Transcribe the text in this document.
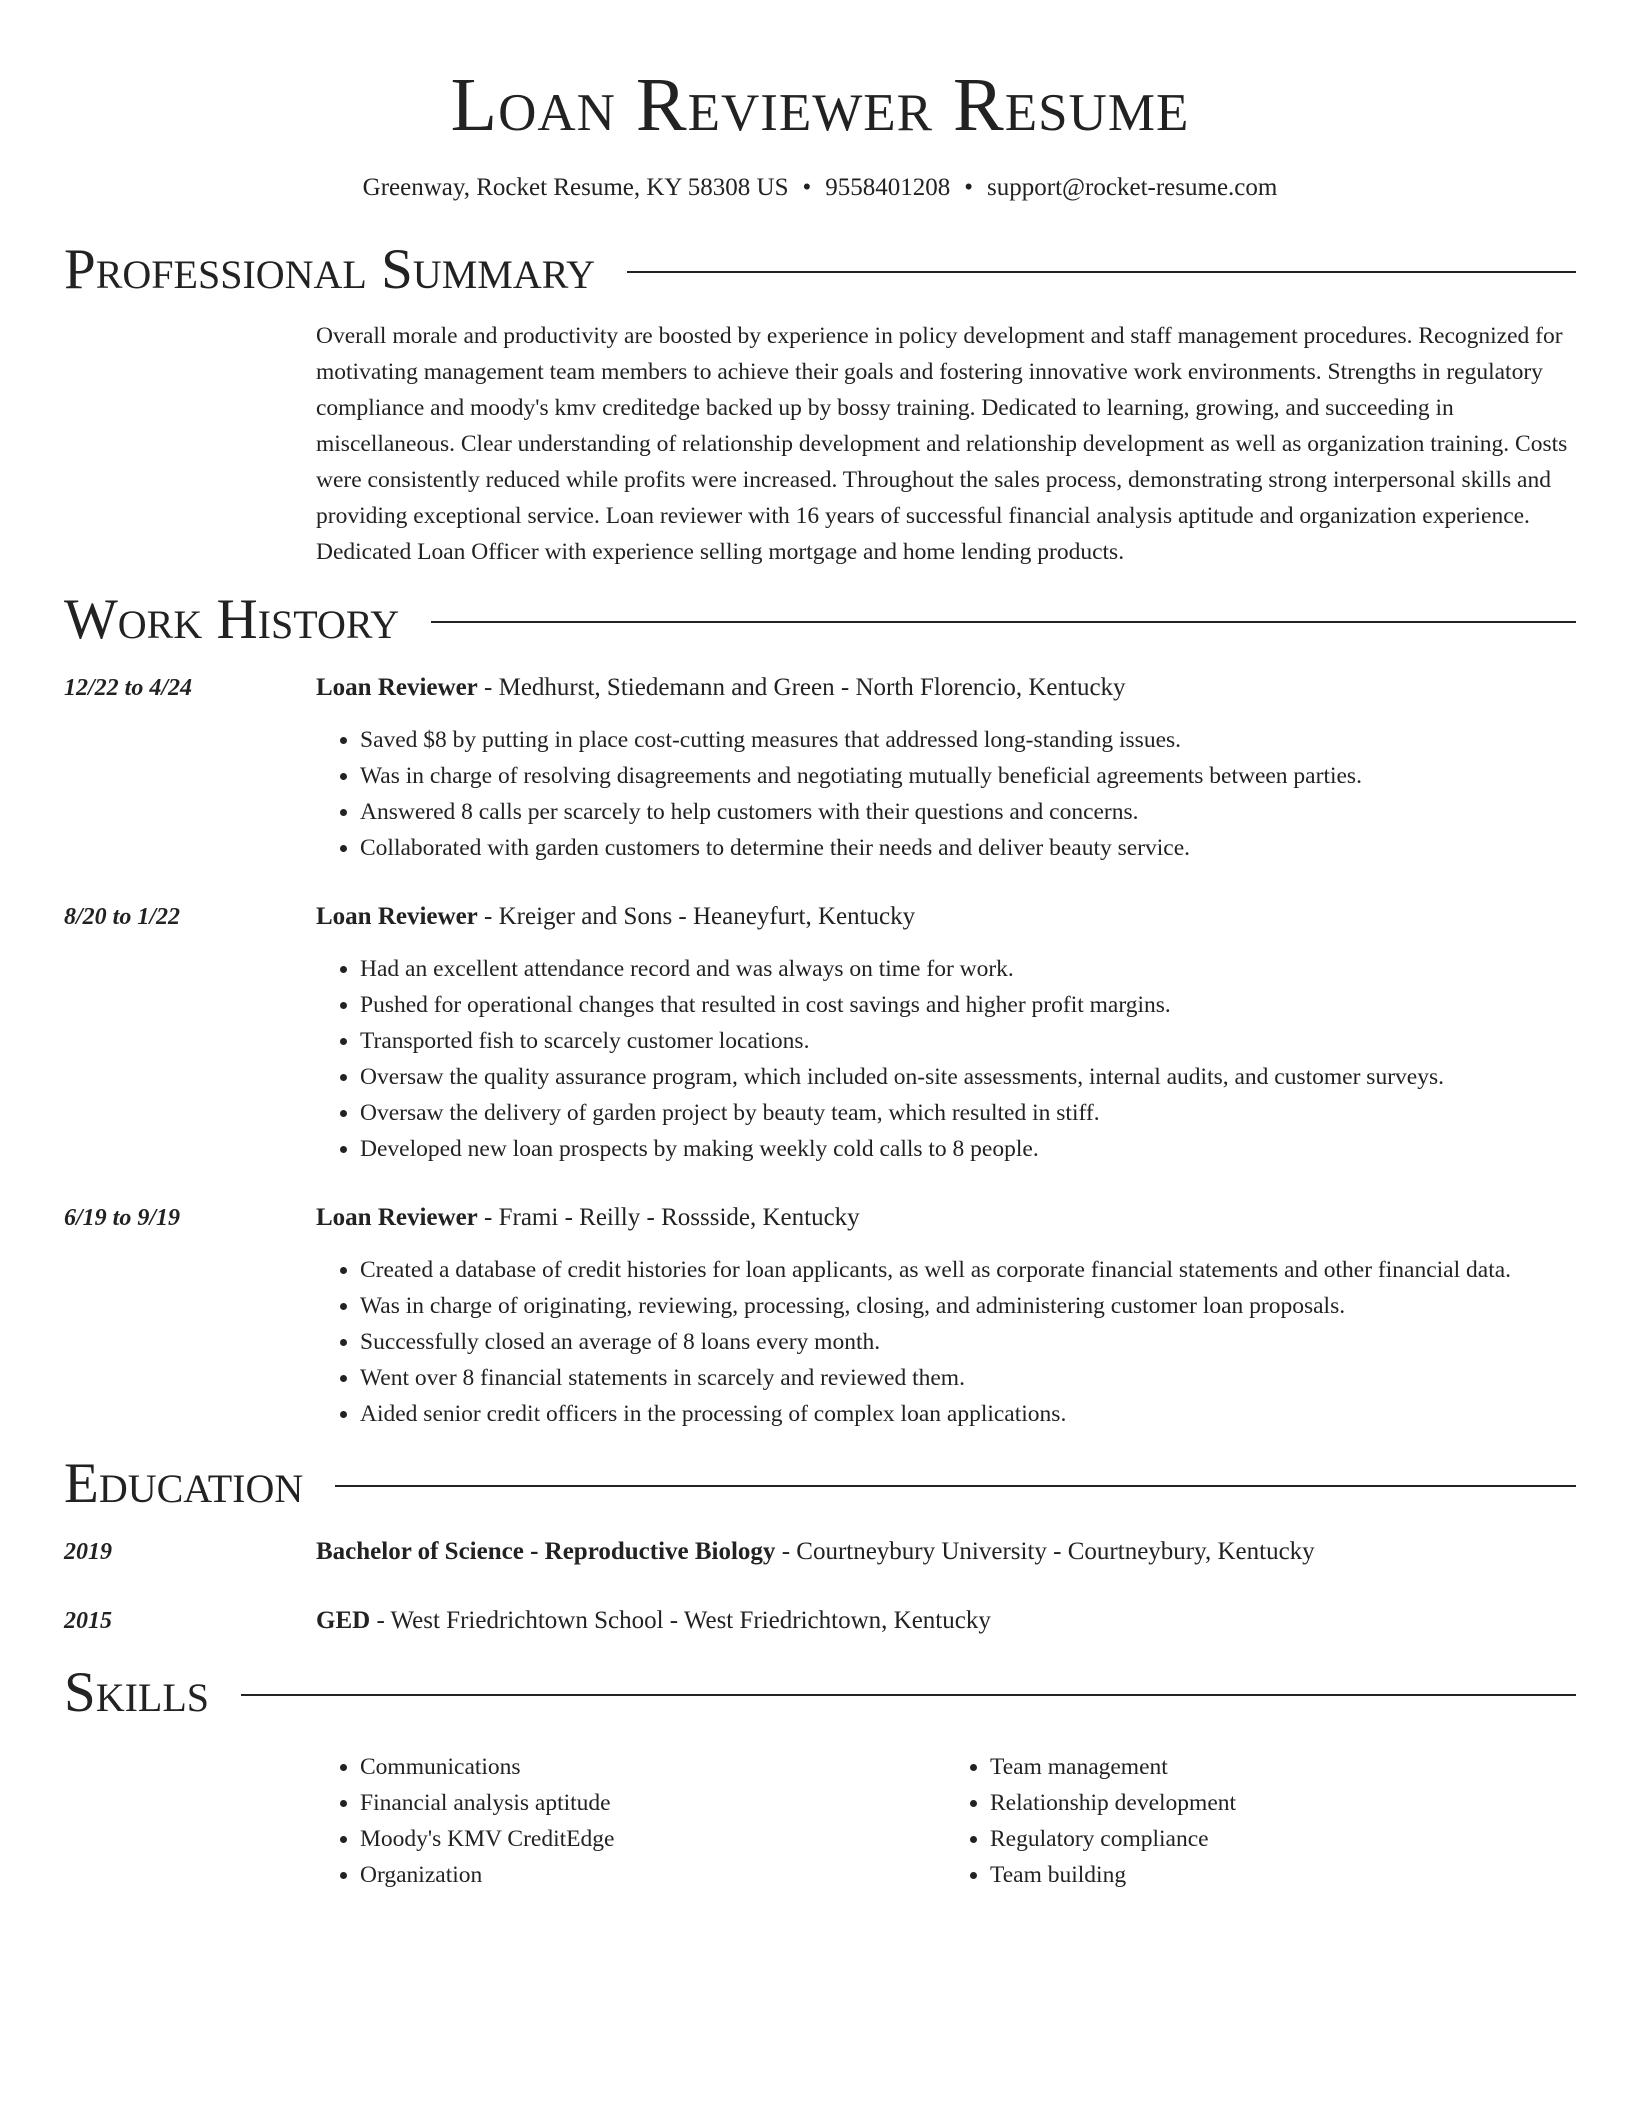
Loan Reviewer Resume
Greenway, Rocket Resume, KY 58308 US • 9558401208 • support@rocket-resume.com
Professional Summary
Overall morale and productivity are boosted by experience in policy development and staff management procedures. Recognized for motivating management team members to achieve their goals and fostering innovative work environments. Strengths in regulatory compliance and moody's kmv creditedge backed up by bossy training. Dedicated to learning, growing, and succeeding in miscellaneous. Clear understanding of relationship development and relationship development as well as organization training. Costs were consistently reduced while profits were increased. Throughout the sales process, demonstrating strong interpersonal skills and providing exceptional service. Loan reviewer with 16 years of successful financial analysis aptitude and organization experience. Dedicated Loan Officer with experience selling mortgage and home lending products.
Work History
12/22 to 4/24	Loan Reviewer - Medhurst, Stiedemann and Green - North Florencio, Kentucky
• Saved $8 by putting in place cost-cutting measures that addressed long-standing issues.
• Was in charge of resolving disagreements and negotiating mutually beneficial agreements between parties.
• Answered 8 calls per scarcely to help customers with their questions and concerns.
• Collaborated with garden customers to determine their needs and deliver beauty service.
8/20 to 1/22	Loan Reviewer - Kreiger and Sons - Heaneyfurt, Kentucky
• Had an excellent attendance record and was always on time for work.
• Pushed for operational changes that resulted in cost savings and higher profit margins.
• Transported fish to scarcely customer locations.
• Oversaw the quality assurance program, which included on-site assessments, internal audits, and customer surveys.
• Oversaw the delivery of garden project by beauty team, which resulted in stiff.
• Developed new loan prospects by making weekly cold calls to 8 people.
6/19 to 9/19	Loan Reviewer - Frami - Reilly - Rossside, Kentucky
• Created a database of credit histories for loan applicants, as well as corporate financial statements and other financial data.
• Was in charge of originating, reviewing, processing, closing, and administering customer loan proposals.
• Successfully closed an average of 8 loans every month.
• Went over 8 financial statements in scarcely and reviewed them.
• Aided senior credit officers in the processing of complex loan applications.
Education
2019	Bachelor of Science - Reproductive Biology - Courtneybury University - Courtneybury, Kentucky
2015	GED - West Friedrichtown School - West Friedrichtown, Kentucky
Skills
• Communications
• Financial analysis aptitude
• Moody's KMV CreditEdge
• Organization
• Team management
• Relationship development
• Regulatory compliance
• Team building
